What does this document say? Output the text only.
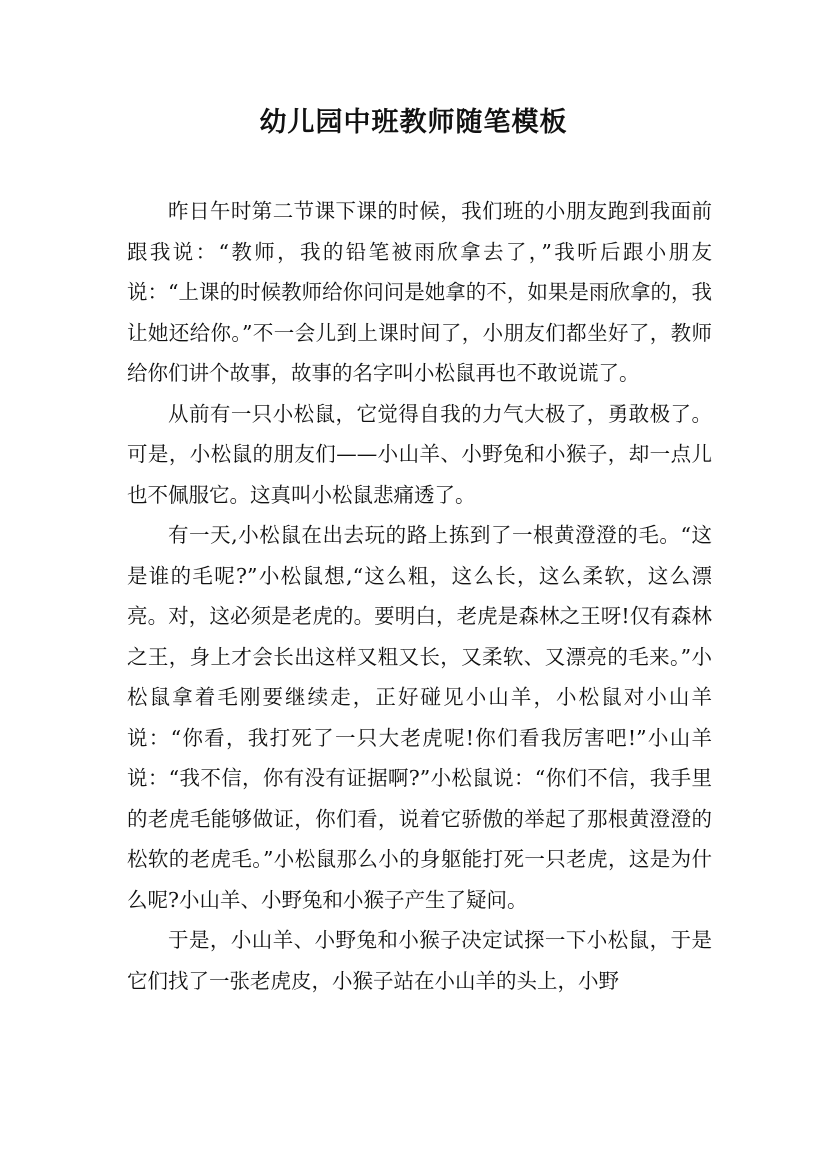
幼儿园中班教师随笔模板

昨日午时第二节课下课的时候，我们班的小朋友跑到我面前跟我说：“教师，我的铅笔被雨欣拿去了，”我听后跟小朋友说：“上课的时候教师给你问问是她拿的不，如果是雨欣拿的，我让她还给你。”不一会儿到上课时间了，小朋友们都坐好了，教师给你们讲个故事，故事的名字叫小松鼠再也不敢说谎了。

从前有一只小松鼠，它觉得自我的力气大极了，勇敢极了。可是，小松鼠的朋友们——小山羊、小野兔和小猴子，却一点儿也不佩服它。这真叫小松鼠悲痛透了。

有一天,小松鼠在出去玩的路上拣到了一根黄澄澄的毛。“这是谁的毛呢?”小松鼠想,“这么粗，这么长，这么柔软，这么漂亮。对，这必须是老虎的。要明白，老虎是森林之王呀!仅有森林之王，身上才会长出这样又粗又长，又柔软、又漂亮的毛来。”小松鼠拿着毛刚要继续走，正好碰见小山羊，小松鼠对小山羊说：“你看，我打死了一只大老虎呢!你们看我厉害吧!”小山羊说：“我不信，你有没有证据啊?”小松鼠说：“你们不信，我手里的老虎毛能够做证，你们看，说着它骄傲的举起了那根黄澄澄的松软的老虎毛。”小松鼠那么小的身躯能打死一只老虎，这是为什么呢?小山羊、小野兔和小猴子产生了疑问。

于是，小山羊、小野兔和小猴子决定试探一下小松鼠，于是它们找了一张老虎皮，小猴子站在小山羊的头上，小野
